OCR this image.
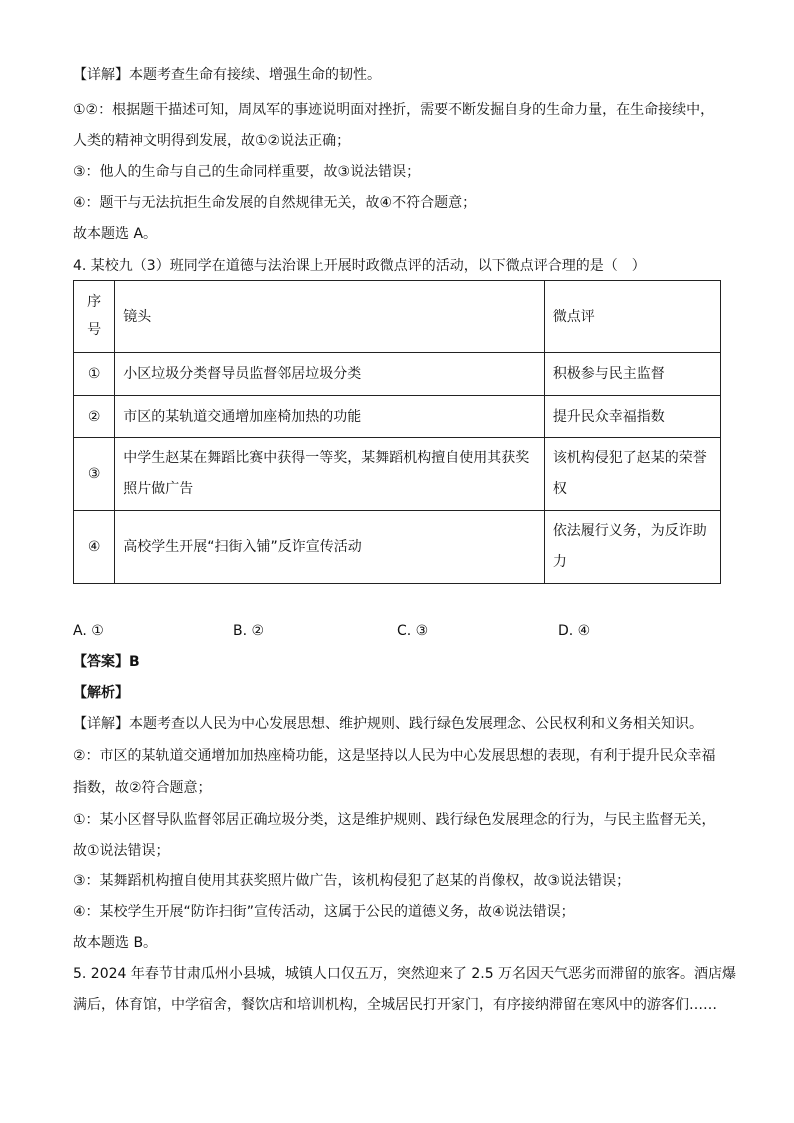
【详解】本题考查生命有接续、增强生命的韧性。
①②：根据题干描述可知，周凤军的事迹说明面对挫折，需要不断发掘自身的生命力量，在生命接续中，
人类的精神文明得到发展，故①②说法正确；
③：他人的生命与自己的生命同样重要，故③说法错误；
④：题干与无法抗拒生命发展的自然规律无关，故④不符合题意；
故本题选 A。
4. 某校九（3）班同学在道德与法治课上开展时政微点评的活动，以下微点评合理的是（　）
序号	镜头	微点评
①	小区垃圾分类督导员监督邻居垃圾分类	积极参与民主监督
②	市区的某轨道交通增加座椅加热的功能	提升民众幸福指数
③	中学生赵某在舞蹈比赛中获得一等奖，某舞蹈机构擅自使用其获奖照片做广告	该机构侵犯了赵某的荣誉权
④	高校学生开展“扫街入铺”反诈宣传活动	依法履行义务，为反诈助力
A. ①	B. ②	C. ③	D. ④
【答案】B
【解析】
【详解】本题考查以人民为中心发展思想、维护规则、践行绿色发展理念、公民权利和义务相关知识。
②：市区的某轨道交通增加加热座椅功能，这是坚持以人民为中心发展思想的表现，有利于提升民众幸福
指数，故②符合题意；
①：某小区督导队监督邻居正确垃圾分类，这是维护规则、践行绿色发展理念的行为，与民主监督无关，
故①说法错误；
③：某舞蹈机构擅自使用其获奖照片做广告，该机构侵犯了赵某的肖像权，故③说法错误；
④：某校学生开展“防诈扫街”宣传活动，这属于公民的道德义务，故④说法错误；
故本题选 B。
5. 2024 年春节甘肃瓜州小县城，城镇人口仅五万，突然迎来了 2.5 万名因天气恶劣而滞留的旅客。酒店爆
满后，体育馆，中学宿舍，餐饮店和培训机构，全城居民打开家门，有序接纳滞留在寒风中的游客们……
